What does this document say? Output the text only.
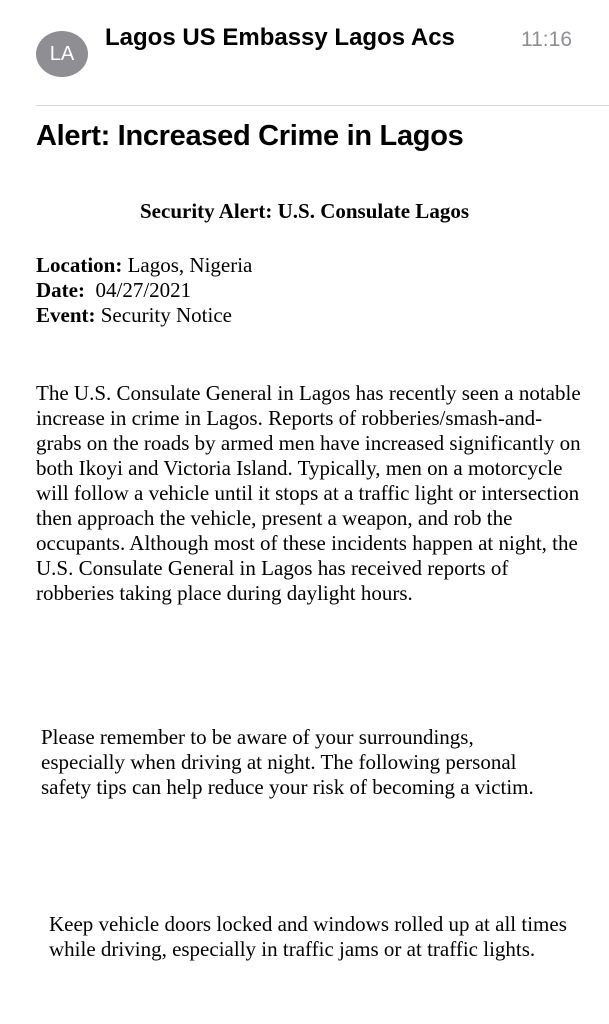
LA
Lagos US Embassy Lagos Acs	11:16
Alert: Increased Crime in Lagos
Security Alert: U.S. Consulate Lagos
Location: Lagos, Nigeria
Date:  04/27/2021
Event: Security Notice
The U.S. Consulate General in Lagos has recently seen a notable increase in crime in Lagos. Reports of robberies/smash-and-grabs on the roads by armed men have increased significantly on both Ikoyi and Victoria Island. Typically, men on a motorcycle will follow a vehicle until it stops at a traffic light or intersection then approach the vehicle, present a weapon, and rob the occupants. Although most of these incidents happen at night, the U.S. Consulate General in Lagos has received reports of robberies taking place during daylight hours.
Please remember to be aware of your surroundings, especially when driving at night. The following personal safety tips can help reduce your risk of becoming a victim.
Keep vehicle doors locked and windows rolled up at all times while driving, especially in traffic jams or at traffic lights.
